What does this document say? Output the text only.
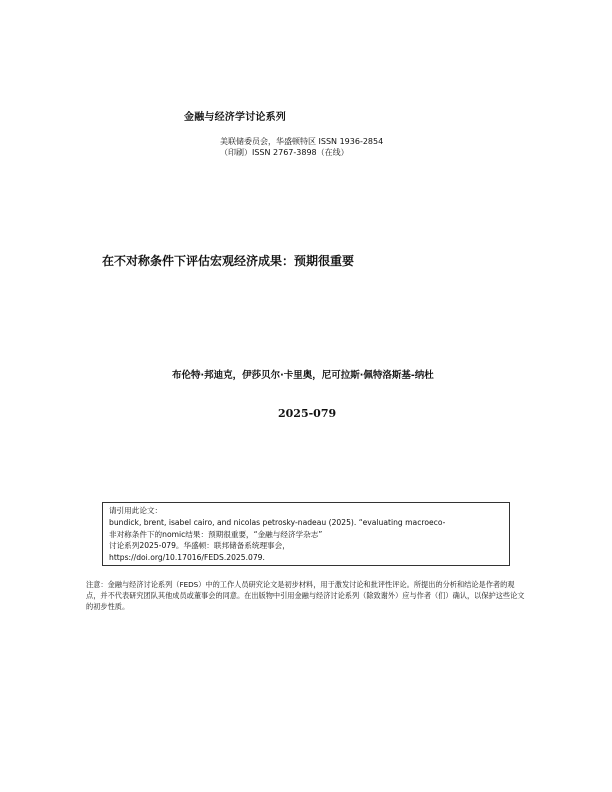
金融与经济学讨论系列
美联储委员会，华盛顿特区 ISSN 1936-2854
（印刷）ISSN 2767-3898（在线）
在不对称条件下评估宏观经济成果：预期很重要
布伦特·邦迪克，伊莎贝尔·卡里奥，尼可拉斯·佩特洛斯基-纳杜
2025-079
请引用此论文：
bundick, brent, isabel cairo, and nicolas petrosky-nadeau (2025). “evaluating macroeco-
非对称条件下的nomic结果：预期很重要，“金融与经济学杂志”
讨论系列2025-079。华盛顿：联邦储备系统理事会，
https://doi.org/10.17016/FEDS.2025.079.
注意：金融与经济讨论系列（FEDS）中的工作人员研究论文是初步材料，用于激发讨论和批评性评论。所提出的分析和结论是作者的观点，并不代表研究团队其他成员或董事会的同意。在出版物中引用金融与经济讨论系列（除致谢外）应与作者（们）确认，以保护这些论文的初步性质。
